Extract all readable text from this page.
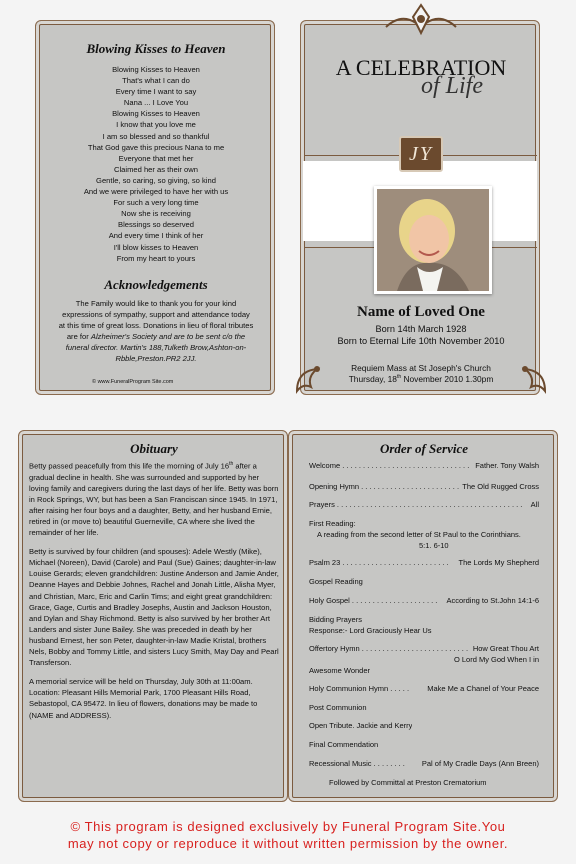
Blowing Kisses to Heaven
Blowing Kisses to Heaven
That's what I can do
Every time I want to say
Nana ... I Love You
Blowing Kisses to Heaven
I know that you love me
I am so blessed and so thankful
That God gave this precious Nana to me
Everyone that met her
Claimed her as their own
Gentle, so caring, so giving, so kind
And we were privileged to have her with us
For such a very long time
Now she is receiving
Blessings so deserved
And every time I think of her
I'll blow kisses to Heaven
From my heart to yours
Acknowledgements
The Family would like to thank you for your kind expressions of sympathy, support and attendance today at this time of great loss. Donations in lieu of floral tributes are for Alzheimer's Society and are to be sent c/o the funeral director. Martin's 188,Tulketh Brow,Ashton-on-Rbble,Preston.PR2 2JJ.
© www.FuneralProgram Site.com
A CELEBRATION
of Life
JY
Name of Loved One
Born 14th March 1928
Born to Eternal Life 10th November 2010
Requiem Mass at St Joseph's Church
Thursday, 18th November 2010 1.30pm
Obituary

Betty passed peacefully from this life the morning of July 16th after a gradual decline in health. She was surrounded and supported by her loving family and caregivers during the last days of her life. Betty was born in Rock Springs, WY, but has been a San Franciscan since 1945. In 1971, after raising her four boys and a daughter, Betty, and her husband Ernie, retired in (or move to) beautiful Guerneville, CA where she lived the remainder of her life.

Betty is survived by four children (and spouses): Adele Westly (Mike), Michael (Noreen), David (Carole) and Paul (Sue) Gaines; daughter-in-law Louise Gerards; eleven grandchildren: Justine Anderson and Jamie Ander, Deanne Hayes and Debbie Johnes, Rachel and Jonah Little, Alisha Myer, and Christian, Marc, Eric and Carlin Tims; and eight great grandchildren: Grace, Gage, Curtis and Bradley Josephs, Austin and Jackson Houston, and Dylan and Shay Richmond. Betty is also survived by her brother Art Landers and sister June Bailey. She was preceded in death by her husband Ernest, her son Peter, daughter-in-law Madie Kristal, brothers Nels, Bobby and Tommy Little, and sisters Lucy Smith, May Day and Pearl Transferson.

A memorial service will be held on Thursday, July 30th at 11:00am. Location: Pleasant Hills Memorial Park, 1700 Pleasant Hills Road, Sebastopol, CA 95472. In lieu of flowers, donations may be made to (NAME and ADDRESS).

Order of Service
Welcome . . . . . . . . . . . . . . . . . . . . . . . . . . . . . . . Father. Tony Walsh
Opening Hymn . . . . . . . . . . . . . . . . . . . . . . . . The Old Rugged Cross
Prayers . . . . . . . . . . . . . . . . . . . . . . . . . . . . . . . . . . . . . . . . . . . . . All
First Reading:
A reading from the second letter of St Paul to the Corinthians.
5:1. 6-10
Psalm 23 . . . . . . . . . . . . . . . . . . . . . . . . . . The Lords My Shepherd
Gospel Reading
Holy Gospel . . . . . . . . . . . . . . . . . . . . . According to St.John 14:1-6
Bidding Prayers
Response:- Lord Graciously Hear Us
Offertory Hymn . . . . . . . . . . . . . . . . . . . . . . . . . . How Great Thou Art
O Lord My God When I in
Awesome Wonder
Holy Communion Hymn . . . . . Make Me a Chanel of Your Peace
Post Communion
Open Tribute. Jackie and Kerry
Final Commendation
Recessional Music . . . . . . . . Pal of My Cradle Days (Ann Breen)
Followed by Committal at Preston Crematorium
© This program is designed exclusively by Funeral Program Site.You
may not copy or reproduce it without written permission by the owner.
